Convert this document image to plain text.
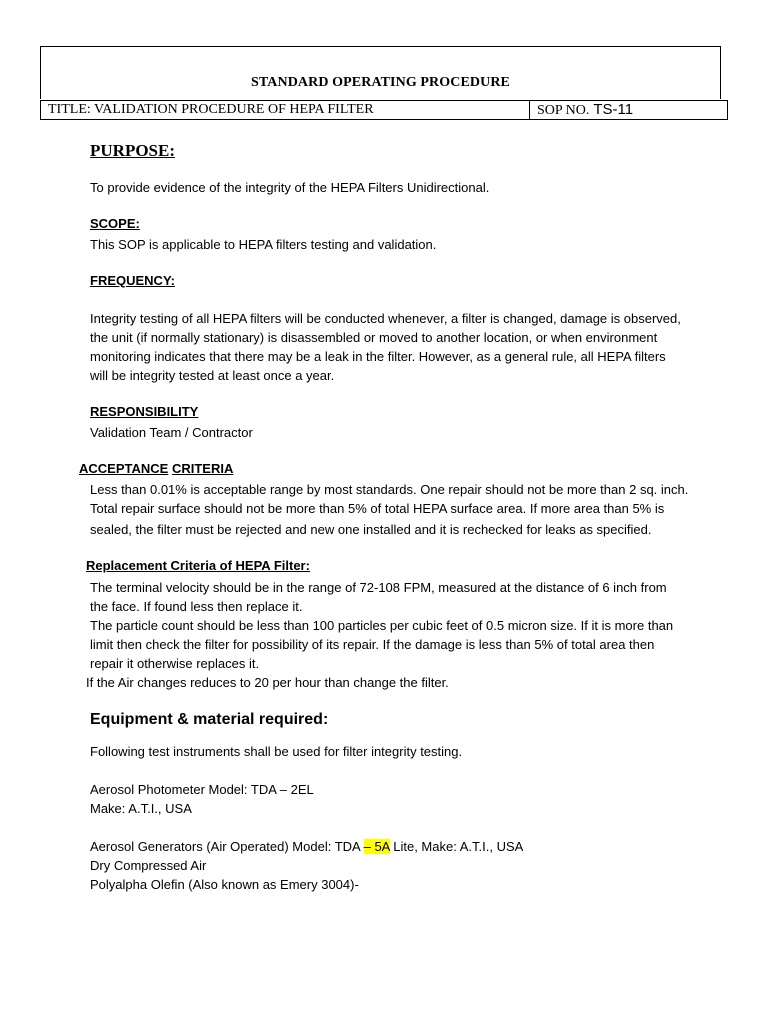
STANDARD OPERATING PROCEDURE
TITLE: VALIDATION PROCEDURE OF HEPA FILTER	SOP NO. TS-11
PURPOSE:
To provide evidence of the integrity of the HEPA Filters Unidirectional.
SCOPE:
This SOP is applicable to HEPA filters testing and validation.
FREQUENCY:
Integrity testing of all HEPA filters will be conducted whenever, a filter is changed, damage is observed,
the unit (if normally stationary) is disassembled or moved to another location, or when environment
monitoring indicates that there may be a leak in the filter. However, as a general rule, all HEPA filters
will be integrity tested at least once a year.
RESPONSIBILITY
Validation Team / Contractor
ACCEPTANCE CRITERIA
Less than 0.01% is acceptable range by most standards. One repair should not be more than 2 sq. inch.
Total repair surface should not be more than 5% of total HEPA surface area. If more area than 5% is
sealed, the filter must be rejected and new one installed and it is rechecked for leaks as specified.
Replacement Criteria of HEPA Filter:
The terminal velocity should be in the range of 72-108 FPM, measured at the distance of 6 inch from
the face. If found less then replace it.
The particle count should be less than 100 particles per cubic feet of 0.5 micron size. If it is more than
limit then check the filter for possibility of its repair. If the damage is less than 5% of total area then
repair it otherwise replaces it.
If the Air changes reduces to 20 per hour than change the filter.
Equipment & material required:
Following test instruments shall be used for filter integrity testing.
Aerosol Photometer Model: TDA – 2EL
Make: A.T.I., USA
Aerosol Generators (Air Operated) Model: TDA – 5A Lite, Make: A.T.I., USA
Dry Compressed Air
Polyalpha Olefin (Also known as Emery 3004)-
